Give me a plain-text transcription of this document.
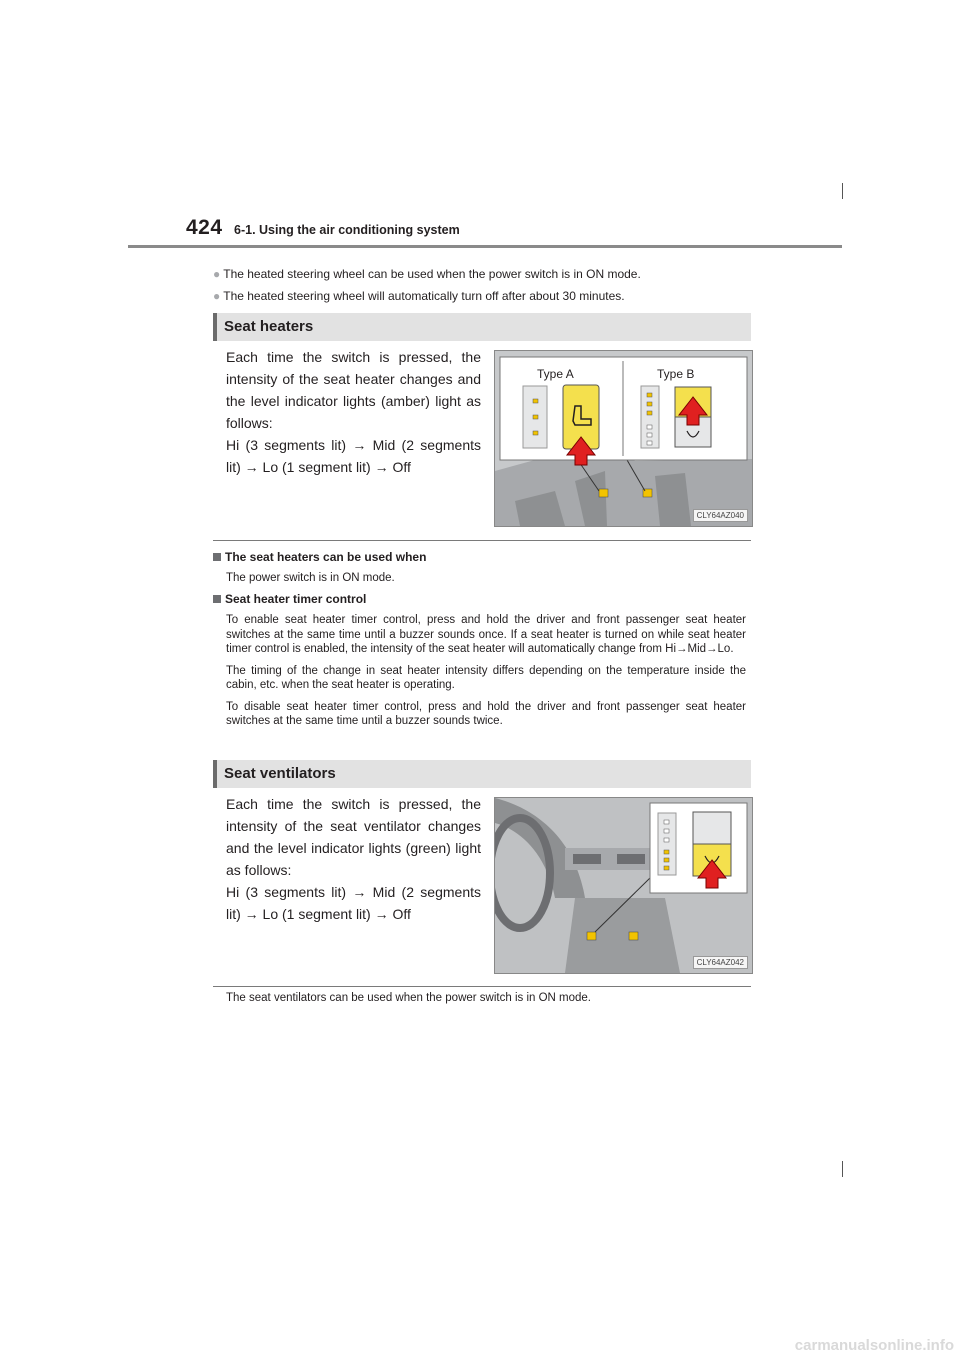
424 6-1. Using the air conditioning system
● The heated steering wheel can be used when the power switch is in ON mode.
● The heated steering wheel will automatically turn off after about 30 minutes.
Seat heaters

Each time the switch is pressed, the intensity of the seat heater changes and the level indicator lights (amber) light as follows:

Hi (3 segments lit) → Mid (2 segments lit) → Lo (1 segment lit) → Off

Type A	Type B
CLY64AZ040
The seat heaters can be used when

The power switch is in ON mode.

Seat heater timer control

To enable seat heater timer control, press and hold the driver and front passenger seat heater switches at the same time until a buzzer sounds once. If a seat heater is turned on while seat heater timer control is enabled, the intensity of the seat heater will automatically change from Hi→Mid→Lo.

The timing of the change in seat heater intensity differs depending on the temperature inside the cabin, etc. when the seat heater is operating.

To disable seat heater timer control, press and hold the driver and front passenger seat heater switches at the same time until a buzzer sounds twice.

Seat ventilators

Each time the switch is pressed, the intensity of the seat ventilator changes and the level indicator lights (green) light as follows:

Hi (3 segments lit) → Mid (2 segments lit) → Lo (1 segment lit) → Off

CLY64AZ042

The seat ventilators can be used when the power switch is in ON mode.

carmanualsonline.info
